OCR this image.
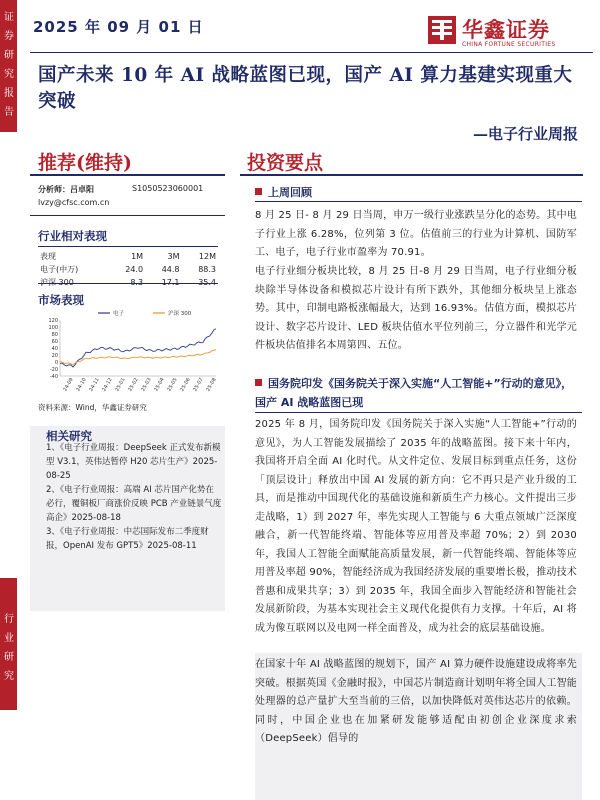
证
券
研
究
报
告
行
业
研
究
2025 年 09 月 01 日	华鑫证券
CHINA FORTUNE SECURITIES
国产未来 10 年 AI 战略蓝图已现，国产 AI 算力基建实现重大突破
—电子行业周报
推荐(维持)
分析师：吕卓阳	S1050523060001
lvzy@cfsc.com.cn
行业相对表现
表现	1M	3M	12M
电子(中万)	24.0	44.8	88.3
沪深 300	8.3	17.1	35.4
市场表现
-40
-20
0
20
40
60
80
100
120
24-09 24-10 24-11 24-12 25-01 25-02 25-03 25-04 25-05 25-06 25-07 25-08
电子	沪深 300
资料来源：Wind，华鑫证券研究
相关研究
1、《电子行业周报：DeepSeek 正式发布新模型 V3.1，英伟达暂停 H20 芯片生产》2025-08-25
2、《电子行业周报：高端 AI 芯片国产化势在必行，覆铜板厂商涨价反映 PCB 产业链景气度高企》2025-08-18
3、《电子行业周报：中芯国际发布二季度财报，OpenAI 发布 GPT5》2025-08-11
投资要点
上周回顾
8 月 25 日- 8 月 29 日当周，申万一级行业涨跌呈分化的态势。其中电子行业上涨 6.28%，位列第 3 位。估值前三的行业为计算机、国防军工、电子，电子行业市盈率为 70.91。
电子行业细分板块比较，8 月 25 日-8 月 29 日当周，电子行业细分板块除半导体设备和模拟芯片设计有所下跌外，其他细分板块呈上涨态势。其中，印制电路板涨幅最大，达到 16.93%。估值方面，模拟芯片设计、数字芯片设计、LED 板块估值水平位列前三，分立器件和光学元件板块估值排名本周第四、五位。
国务院印发《国务院关于深入实施“人工智能+”行动的意见》，国产 AI 战略蓝图已现
2025 年 8 月，国务院印发《国务院关于深入实施“人工智能+”行动的意见》，为人工智能发展描绘了 2035 年的战略蓝图。接下来十年内，我国将开启全面 AI 化时代。从文件定位、发展目标到重点任务，这份「顶层设计」释放出中国 AI 发展的新方向：它不再只是产业升级的工具，而是推动中国现代化的基础设施和新质生产力核心。文件提出三步走战略，1）到 2027 年，率先实现人工智能与 6 大重点领域广泛深度融合，新一代智能终端、智能体等应用普及率超 70%；2）到 2030 年，我国人工智能全面赋能高质量发展，新一代智能终端、智能体等应用普及率超 90%，智能经济成为我国经济发展的重要增长极，推动技术普惠和成果共享；3）到 2035 年，我国全面步入智能经济和智能社会发展新阶段，为基本实现社会主义现代化提供有力支撑。十年后，AI 将成为像互联网以及电网一样全面普及，成为社会的底层基础设施。
在国家十年 AI 战略蓝图的规划下，国产 AI 算力硬件设施建设成将率先突破。根据英国《金融时报》，中国芯片制造商计划明年将全国人工智能处理器的总产量扩大至当前的三倍，以加快降低对英伟达芯片的依赖。同时，中国企业也在加紧研发能够适配由初创企业深度求索（DeepSeek）倡导的
